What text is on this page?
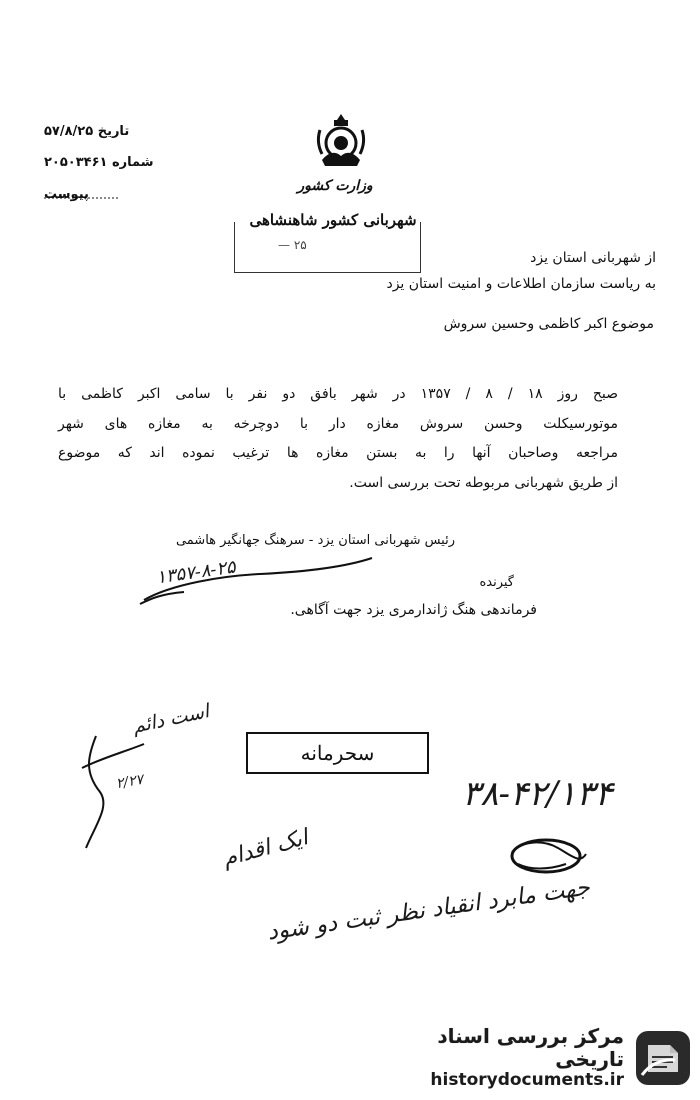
تاریخ ۵۷/۸/۲۵
شماره ۲۰۵۰۳۴۶۱
پیوست
وزارت کشور
شهربانی کشور شاهنشاهی
— ۲۵
از شهربانی استان یزد
به ریاست سازمان اطلاعات و امنیت استان یزد
موضوع اکبر کاظمی وحسین سروش
صبح روز ۱۸ / ۸ / ۱۳۵۷ در شهر بافق دو نفر با سامی اکبر کاظمی با
موتورسیکلت وحسن سروش مغازه دار با دوچرخه به مغازه های شهر
مراجعه وصاحبان آنها را به بستن مغازه ها ترغیب نموده اند که موضوع
از طریق شهربانی مربوطه تحت بررسی است.
رئیس شهربانی استان یزد - سرهنگ جهانگیر هاشمی
۱۳۵۷-۸-۲۵	گیرنده
فرماندهی هنگ ژاندارمری یزد جهت آگاهی.
سحرمانه
است دائم
۲/۲۷	۳۸-۴۲/۱۳۴
ایک اقدام
جهت مابرد انقیاد نظر ثبت دو شود
مرکز بررسی اسناد تاریخی
historydocuments.ir
